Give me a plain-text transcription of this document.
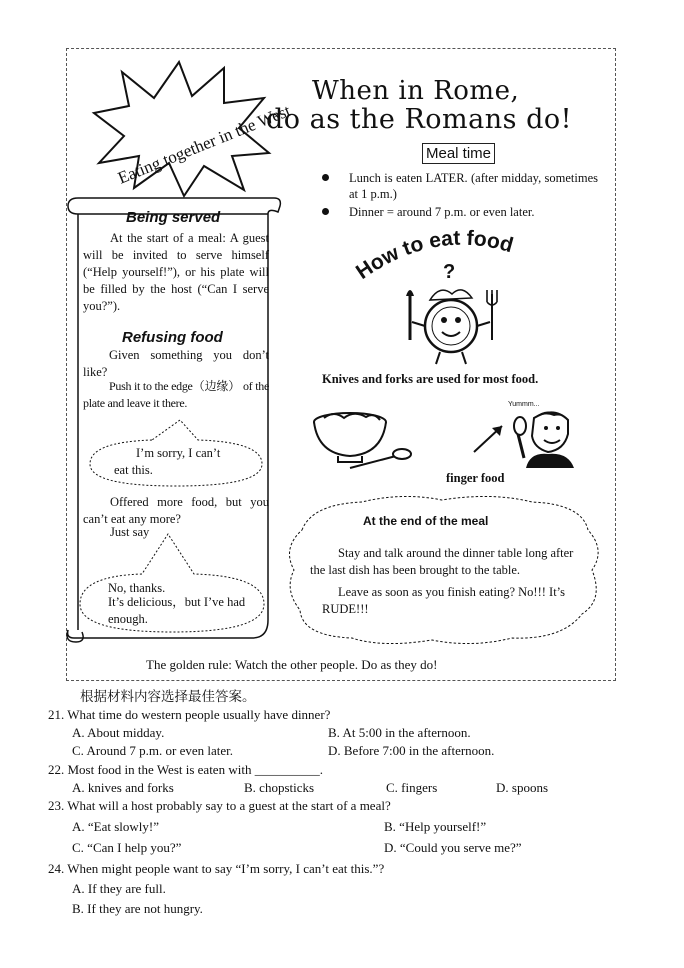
Eating together in the West
When in Rome,
do as the Romans do!
Meal time
Lunch is eaten LATER. (after midday, sometimes at 1 p.m.)
Dinner = around 7 p.m. or even later.
How to eat food
?
Knives and forks are used for most food.
Yummm...
finger food
Being served
At the start of a meal: A guest will be invited to serve himself (“Help yourself!”), or his plate will be filled by the host (“Can I serve you?”).
Refusing food
Given something you don’t like?
Push it to the edge（边缘） of the plate and leave it there.
I’m sorry, I can’t eat this.
Offered more food, but you can’t eat any more?
Just say
No, thanks.
It’s delicious，but I’ve had enough.
At the end of the meal
Stay and talk around the dinner table long after the last dish has been brought to the table.
Leave as soon as you finish eating? No!!! It’s RUDE!!!
The golden rule: Watch the other people. Do as they do!
根据材料内容选择最佳答案。
21. What time do western people usually have dinner?
A. About midday.	B. At 5:00 in the afternoon.
C. Around 7 p.m. or even later.	D. Before 7:00 in the afternoon.
22. Most food in the West is eaten with __________.
A. knives and forks	B. chopsticks	C. fingers	D. spoons
23. What will a host probably say to a guest at the start of a meal?
A. “Eat slowly!”	B. “Help yourself!”
C. “Can I help you?”	D. “Could you serve me?”
24. When might people want to say “I’m sorry, I can’t eat this.”?
A. If they are full.
B. If they are not hungry.
